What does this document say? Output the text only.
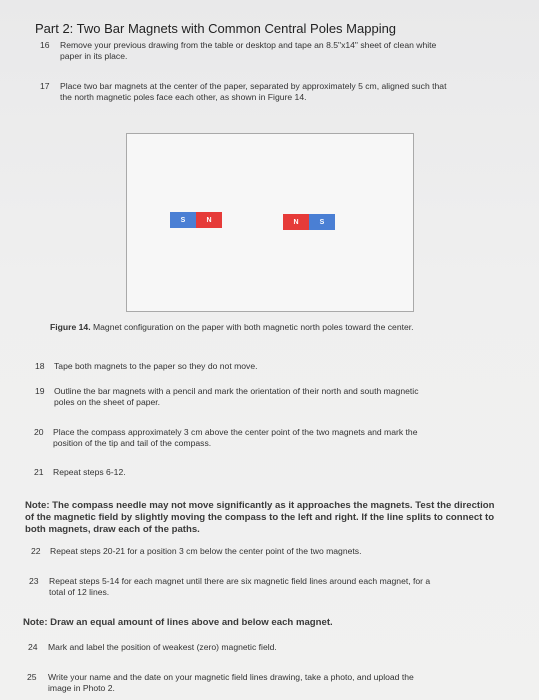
Part 2: Two Bar Magnets with Common Central Poles Mapping
16 Remove your previous drawing from the table or desktop and tape an 8.5"x14" sheet of clean white
paper in its place.
17 Place two bar magnets at the center of the paper, separated by approximately 5 cm, aligned such that
the north magnetic poles face each other, as shown in Figure 14.
S	N	N	S
Figure 14. Magnet configuration on the paper with both magnetic north poles toward the center.
18 Tape both magnets to the paper so they do not move.
19 Outline the bar magnets with a pencil and mark the orientation of their north and south magnetic
poles on the sheet of paper.
20 Place the compass approximately 3 cm above the center point of the two magnets and mark the
position of the tip and tail of the compass.
21 Repeat steps 6-12.
Note: The compass needle may not move significantly as it approaches the magnets. Test the direction of the magnetic field by slightly moving the compass to the left and right. If the line splits to connect to both magnets, draw each of the paths.
22 Repeat steps 20-21 for a position 3 cm below the center point of the two magnets.
23 Repeat steps 5-14 for each magnet until there are six magnetic field lines around each magnet, for a
total of 12 lines.
Note: Draw an equal amount of lines above and below each magnet.
24 Mark and label the position of weakest (zero) magnetic field.
25 Write your name and the date on your magnetic field lines drawing, take a photo, and upload the
image in Photo 2.
